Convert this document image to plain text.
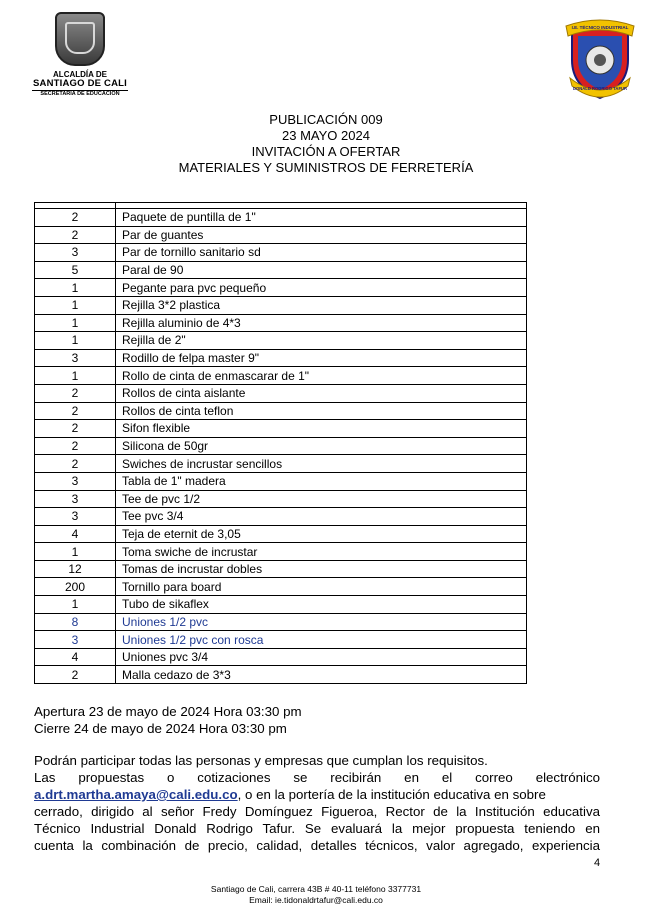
ALCALDÍA DE
SANTIAGO DE CALI
SECRETARÍA DE EDUCACIÓN
I.E. TÉCNICO INDUSTRIAL
DONALD RODRIGO TAFUR
PUBLICACIÓN 009
23 MAYO 2024
INVITACIÓN A OFERTAR
MATERIALES Y SUMINISTROS DE FERRETERÍA

2	Paquete de puntilla de 1"
2	Par de guantes
3	Par de tornillo sanitario sd
5	Paral de 90
1	Pegante para pvc pequeño
1	Rejilla 3*2 plastica
1	Rejilla aluminio de 4*3
1	Rejilla de 2"
3	Rodillo de felpa master 9"
1	Rollo de cinta de enmascarar de 1"
2	Rollos de cinta aislante
2	Rollos de cinta teflon
2	Sifon flexible
2	Silicona de 50gr
2	Swiches de incrustar sencillos
3	Tabla de 1" madera
3	Tee de pvc 1/2
3	Tee pvc 3/4
4	Teja de eternit de 3,05
1	Toma swiche de incrustar
12	Tomas de incrustar dobles
200	Tornillo para board
1	Tubo de sikaflex
8	Uniones 1/2 pvc
3	Uniones 1/2 pvc con rosca
4	Uniones pvc 3/4
2	Malla cedazo de 3*3
Apertura 23 de mayo de 2024 Hora 03:30 pm
Cierre 24 de mayo de 2024 Hora 03:30 pm
Podrán participar todas las personas y empresas que cumplan los requisitos.
Las propuestas o cotizaciones se recibirán en el correo electrónico
a.drt.martha.amaya@cali.edu.co, o en la portería de la institución educativa en sobre
cerrado, dirigido al señor Fredy Domínguez Figueroa, Rector de la Institución educativa
Técnico Industrial Donald Rodrigo Tafur. Se evaluará la mejor propuesta teniendo en
cuenta la combinación de precio, calidad, detalles técnicos, valor agregado, experiencia
4
Santiago de Cali, carrera 43B # 40-11 teléfono 3377731
Email: ie.tidonaldrtafur@cali.edu.co
